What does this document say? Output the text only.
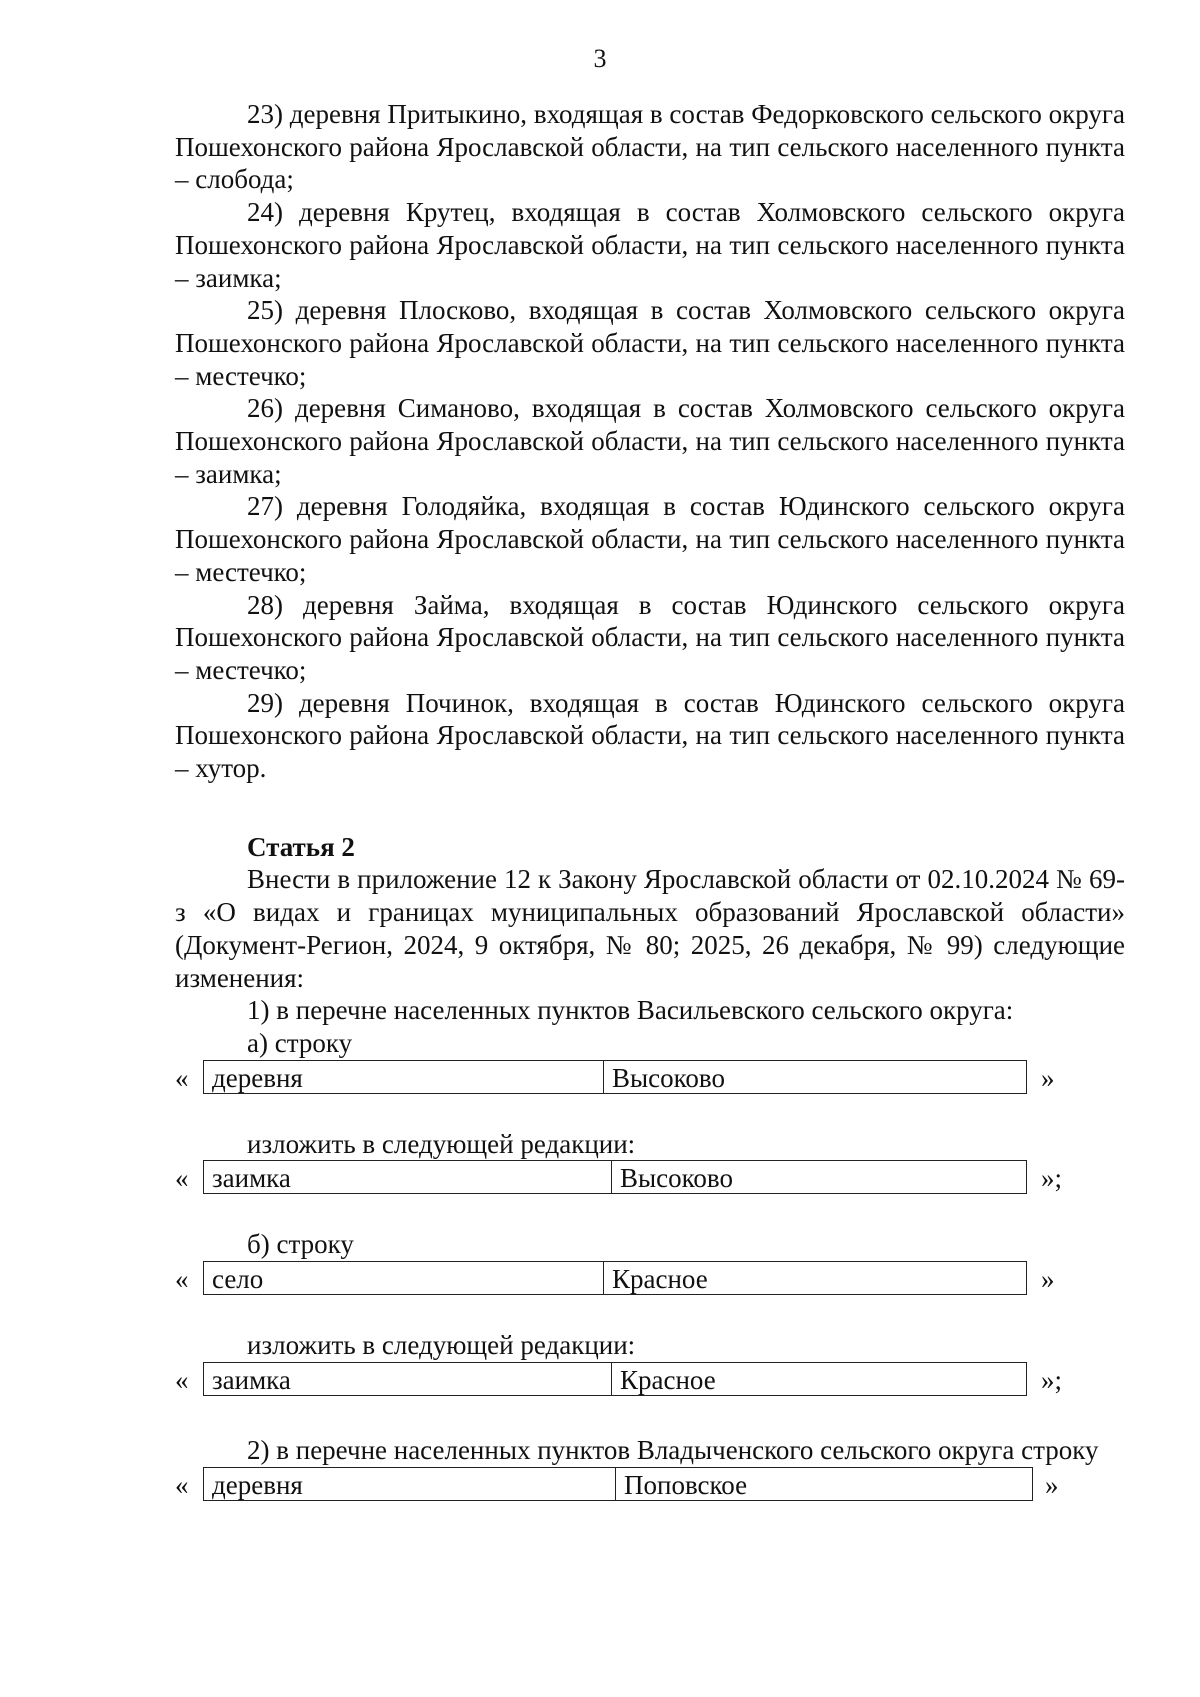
3

23) деревня Притыкино, входящая в состав Федорковского сельского округа Пошехонского района Ярославской области, на тип сельского населенного пункта – слобода;

24) деревня Крутец, входящая в состав Холмовского сельского округа Пошехонского района Ярославской области, на тип сельского населенного пункта – заимка;

25) деревня Плосково, входящая в состав Холмовского сельского округа Пошехонского района Ярославской области, на тип сельского населенного пункта – местечко;

26) деревня Симаново, входящая в состав Холмовского сельского округа Пошехонского района Ярославской области, на тип сельского населенного пункта – заимка;

27) деревня Голодяйка, входящая в состав Юдинского сельского округа Пошехонского района Ярославской области, на тип сельского населенного пункта – местечко;

28) деревня Займа, входящая в состав Юдинского сельского округа Пошехонского района Ярославской области, на тип сельского населенного пункта – местечко;

29) деревня Починок, входящая в состав Юдинского сельского округа Пошехонского района Ярославской области, на тип сельского населенного пункта – хутор.

Статья 2

Внести в приложение 12 к Закону Ярославской области от 02.10.2024 № 69-з «О видах и границах муниципальных образований Ярославской области» (Документ-Регион, 2024, 9 октября, № 80; 2025, 26 декабря, № 99) следующие изменения:

1) в перечне населенных пунктов Васильевского сельского округа:

а) строку

« деревня	Высоково	»

изложить в следующей редакции:

« заимка	Высоково	»;

б) строку

« село	Красное	»

изложить в следующей редакции:

« заимка	Красное	»;

2) в перечне населенных пунктов Владыченского сельского округа строку

« деревня	Поповское	»
